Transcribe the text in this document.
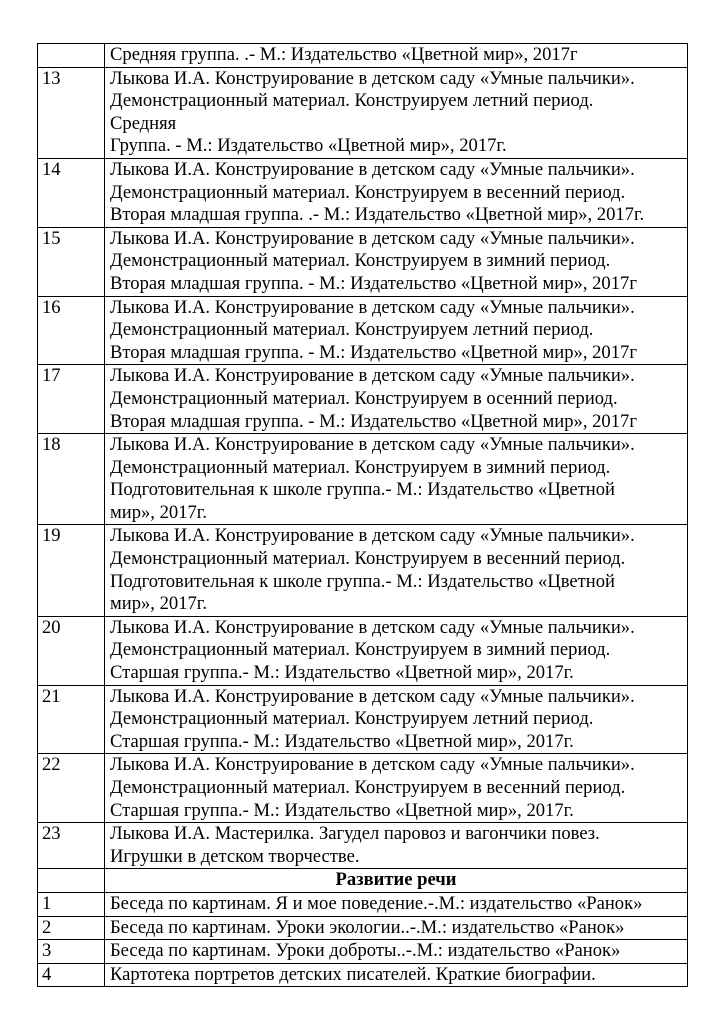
	Средняя группа. .- М.: Издательство «Цветной мир», 2017г

13	Лыкова И.А. Конструирование в детском саду «Умные пальчики».
Демонстрационный материал. Конструируем летний период.
Средняя
Группа. - М.: Издательство «Цветной мир», 2017г.

14	Лыкова И.А. Конструирование в детском саду «Умные пальчики».
Демонстрационный материал. Конструируем в весенний период.
Вторая младшая группа. .- М.: Издательство «Цветной мир», 2017г.

15	Лыкова И.А. Конструирование в детском саду «Умные пальчики».
Демонстрационный материал. Конструируем в зимний период.
Вторая младшая группа. - М.: Издательство «Цветной мир», 2017г

16	Лыкова И.А. Конструирование в детском саду «Умные пальчики».
Демонстрационный материал. Конструируем летний период.
Вторая младшая группа. - М.: Издательство «Цветной мир», 2017г

17	Лыкова И.А. Конструирование в детском саду «Умные пальчики».
Демонстрационный материал. Конструируем в осенний период.
Вторая младшая группа. - М.: Издательство «Цветной мир», 2017г

18	Лыкова И.А. Конструирование в детском саду «Умные пальчики».
Демонстрационный материал. Конструируем в зимний период.
Подготовительная к школе группа.- М.: Издательство «Цветной
мир», 2017г.

19	Лыкова И.А. Конструирование в детском саду «Умные пальчики».
Демонстрационный материал. Конструируем в весенний период.
Подготовительная к школе группа.- М.: Издательство «Цветной
мир», 2017г.

20	Лыкова И.А. Конструирование в детском саду «Умные пальчики».
Демонстрационный материал. Конструируем в зимний период.
Старшая группа.- М.: Издательство «Цветной мир», 2017г.

21	Лыкова И.А. Конструирование в детском саду «Умные пальчики».
Демонстрационный материал. Конструируем летний период.
Старшая группа.- М.: Издательство «Цветной мир», 2017г.

22	Лыкова И.А. Конструирование в детском саду «Умные пальчики».
Демонстрационный материал. Конструируем в весенний период.
Старшая группа.- М.: Издательство «Цветной мир», 2017г.

23	Лыкова И.А. Мастерилка. Загудел паровоз и вагончики повез.
Игрушки в детском творчестве.

	Развитие речи
1	Беседа по картинам. Я и мое поведение.-.М.: издательство «Ранок»

2	Беседа по картинам. Уроки экологии..-.М.: издательство «Ранок»

3	Беседа по картинам. Уроки доброты..-.М.: издательство «Ранок»

4	Картотека портретов детских писателей. Краткие биографии.
